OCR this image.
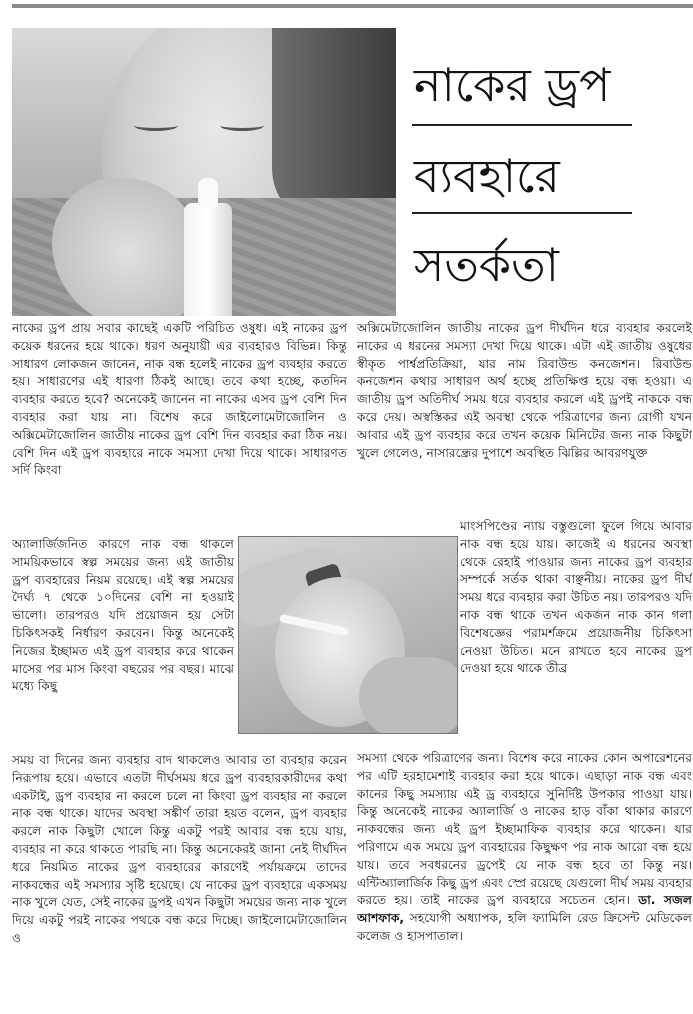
নাকের ড্রপ
ব্যবহারে
সতর্কতা

নাকের ড্রপ প্রায় সবার কাছেই একটি পরিচিত ওষুধ। এই নাকের ড্রপ কয়েক ধরনের হয়ে থাকে। ধরণ অনুযায়ী এর ব্যবহারও বিভিন্ন। কিন্তু সাধারণ লোকজন জানেন, নাক বন্ধ হলেই নাকের ড্রপ ব্যবহার করতে হয়। সাধারণের এই ধারণা ঠিকই আছে। তবে কথা হচ্ছে, কতদিন ব্যবহার করতে হবে? অনেকেই জানেন না নাকের এসব ড্রপ বেশি দিন ব্যবহার করা যায় না। বিশেষ করে জাইলোমেটাজোলিন ও অক্সিমেটাজোলিন জাতীয় নাকের ড্রপ বেশি দিন ব্যবহার করা ঠিক নয়। বেশি দিন এই ড্রপ ব্যবহারে নাকে সমস্যা দেখা দিয়ে থাকে। সাধারণত সর্দি কিংবা

অ্যালার্জিজনিত কারণে নাক বন্ধ থাকলে সাময়িকভাবে স্বল্প সময়ের জন্য এই জাতীয় ড্রপ ব্যবহারের নিয়ম রয়েছে। এই স্বল্প সময়ের দৈর্ঘ্য ৭ থেকে ১০দিনের বেশি না হওয়াই ভালো। তারপরও যদি প্রয়োজন হয় সেটা চিকিৎসকই নির্ধারণ করবেন। কিন্তু অনেকেই নিজের ইচ্ছামত এই ড্রপ ব্যবহার করে থাকেন মাসের পর মাস কিংবা বছরের পর বছর। মাঝে মধ্যে কিছু

সময় বা দিনের জন্য ব্যবহার বাদ থাকলেও আবার তা ব্যবহার করেন নিরূপায় হয়ে। এভাবে এতটা দীর্ঘসময় ধরে ড্রপ ব্যবহারকারীদের কথা একটাই, ড্রপ ব্যবহার না করলে চলে না কিংবা ড্রপ ব্যবহার না করলে নাক বন্ধ থাকে। যাদের অবস্থা সঙ্কীর্ণ তারা হয়ত বলেন, ড্রপ ব্যবহার করলে নাক কিছুটা খোলে কিন্তু একটু পরই আবার বন্ধ হয়ে যায়, ব্যবহার না করে থাকতে পারছি না। কিন্তু অনেকেরই জানা নেই দীর্ঘদিন ধরে নিয়মিত নাকের ড্রপ ব্যবহারের কারণেই পর্যায়ক্রমে তাদের নাকবন্ধের এই সমস্যার সৃষ্টি হয়েছে। যে নাকের ড্রপ ব্যবহারে একসময় নাক খুলে যেত, সেই নাকের ড্রপই এখন কিছুটা সময়ের জন্য নাক খুলে দিয়ে একটু পরই নাকের পথকে বন্ধ করে দিচ্ছে। জাইলোমেটাজোলিন ও

অক্সিমেটাজোলিন জাতীয় নাকের ড্রপ দীর্ঘদিন ধরে ব্যবহার করলেই নাকের এ ধরনের সমস্যা দেখা দিয়ে থাকে। এটা এই জাতীয় ওষুধের স্বীকৃত পার্শ্বপ্রতিক্রিয়া, যার নাম রিবাউন্ড কনজেশন। রিবাউন্ড কনজেশন কথার সাধারণ অর্থ হচ্ছে প্রতিক্ষিপ্ত হয়ে বন্ধ হওয়া। এ জাতীয় ড্রপ অতিদীর্ঘ সময় ধরে ব্যবহার করলে এই ড্রপই নাককে বন্ধ করে দেয়। অস্বস্তিকর এই অবস্থা থেকে পরিত্রাণের জন্য রোগী যখন আবার এই ড্রপ ব্যবহার করে তখন কয়েক মিনিটের জন্য নাক কিছুটা খুলে গেলেও, নাসারন্ধ্রের দুপাশে অবস্থিত ঝিল্লির আবরণযুক্ত

মাংসপিণ্ডের ন্যায় বস্তুগুলো ফুলে গিয়ে আবার নাক বন্ধ হয়ে যায়। কাজেই এ ধরনের অবস্থা থেকে রেহাই পাওয়ার জন্য নাকের ড্রপ ব্যবহার সম্পর্কে সর্তক থাকা বাঞ্ছনীয়। নাকের ড্রপ দীর্ঘ সময় ধরে ব্যবহার করা উচিত নয়। তারপরও যদি নাক বন্ধ থাকে তখন একজন নাক কান গলা বিশেষজ্ঞের পরামর্শক্রমে প্রয়োজনীয় চিকিৎসা নেওয়া উচিত। মনে রাখতে হবে নাকের ড্রপ দেওয়া হয়ে থাকে তীব্র

সমস্যা থেকে পরিত্রাণের জন্য। বিশেষ করে নাকের কোন অপারেশনের পর এটি হরহামেশাই ব্যবহার করা হয়ে থাকে। এছাড়া নাক বন্ধ এবং কানের কিছু সমস্যায় এই ড্র ব্যবহারে সুনির্দিষ্ট উপকার পাওয়া যায়। কিন্তু অনেকেই নাকের অ্যালার্জি ও নাকের হাড় বাঁকা থাকার কারণে নাকবন্ধের জন্য এই ড্রপ ইচ্ছামাফিক ব্যবহার করে থাকেন। যার পরিণামে এক সময়ে ড্রপ ব্যবহারের কিছুক্ষণ পর নাক আরো বন্ধ হয়ে যায়। তবে সবধরনের ড্রপেই যে নাক বন্ধ হবে তা কিন্তু নয়। এন্টিঅ্যালার্জিক কিছু ড্রপ এবং স্প্রে রয়েছে যেগুলো দীর্ঘ সময় ব্যবহার করতে হয়। তাই নাকের ড্রপ ব্যবহারে সচেতন হোন। ডা. সজল আশফাক, সহযোগী অধ্যাপক, হলি ফ্যামিলি রেড ক্রিসেন্ট মেডিকেল কলেজ ও হাসপাতাল।
